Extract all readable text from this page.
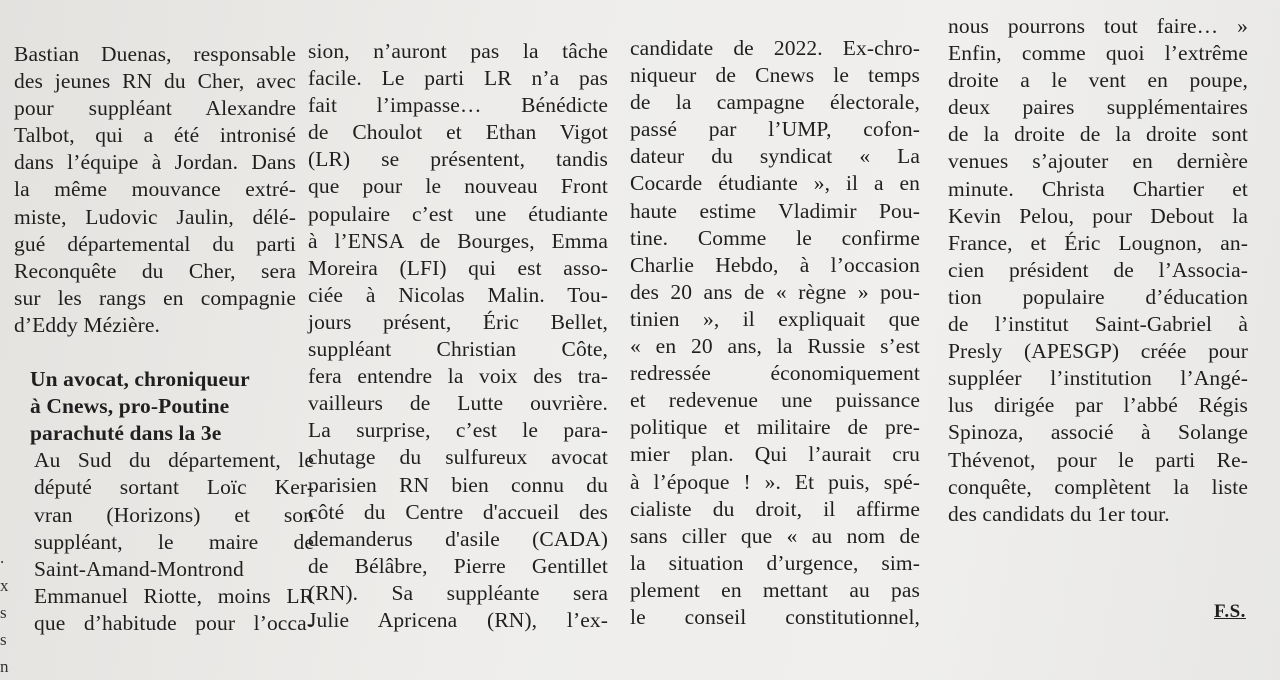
Bastian Duenas, responsable
des jeunes RN du Cher, avec
pour suppléant Alexandre
Talbot, qui a été intronisé
dans l’équipe à Jordan. Dans
la même mouvance extré-
miste, Ludovic Jaulin, délé-
gué départemental du parti
Reconquête du Cher, sera
sur les rangs en compagnie
d’Eddy Mézière.
Un avocat, chroniqueur
à Cnews, pro-Poutine
parachuté dans la 3e
Au Sud du département, le
député sortant Loïc Ker-
vran (Horizons) et son
suppléant, le maire de
Saint-Amand-Montrond
Emmanuel Riotte, moins LR
que d’habitude pour l’occa-
.
x
s
s
n
sion, n’auront pas la tâche
facile. Le parti LR n’a pas
fait l’impasse… Bénédicte
de Choulot et Ethan Vigot
(LR) se présentent, tandis
que pour le nouveau Front
populaire c’est une étudiante
à l’ENSA de Bourges, Emma
Moreira (LFI) qui est asso-
ciée à Nicolas Malin. Tou-
jours présent, Éric Bellet,
suppléant Christian Côte,
fera entendre la voix des tra-
vailleurs de Lutte ouvrière.
La surprise, c’est le para-
chutage du sulfureux avocat
parisien RN bien connu du
côté du Centre d'accueil des
demanderus d'asile (CADA)
de Bélâbre, Pierre Gentillet
(RN). Sa suppléante sera
Julie Apricena (RN), l’ex-
candidate de 2022. Ex-chro-
niqueur de Cnews le temps
de la campagne électorale,
passé par l’UMP, cofon-
dateur du syndicat « La
Cocarde étudiante », il a en
haute estime Vladimir Pou-
tine. Comme le confirme
Charlie Hebdo, à l’occasion
des 20 ans de « règne » pou-
tinien », il expliquait que
« en 20 ans, la Russie s’est
redressée économiquement
et redevenue une puissance
politique et militaire de pre-
mier plan. Qui l’aurait cru
à l’époque ! ». Et puis, spé-
cialiste du droit, il affirme
sans ciller que « au nom de
la situation d’urgence, sim-
plement en mettant au pas
le conseil constitutionnel,
nous pourrons tout faire… »
Enfin, comme quoi l’extrême
droite a le vent en poupe,
deux paires supplémentaires
de la droite de la droite sont
venues s’ajouter en dernière
minute. Christa Chartier et
Kevin Pelou, pour Debout la
France, et Éric Lougnon, an-
cien président de l’Associa-
tion populaire d’éducation
de l’institut Saint-Gabriel à
Presly (APESGP) créée pour
suppléer l’institution l’Angé-
lus dirigée par l’abbé Régis
Spinoza, associé à Solange
Thévenot, pour le parti Re-
conquête, complètent la liste
des candidats du 1er tour.
F.S.
